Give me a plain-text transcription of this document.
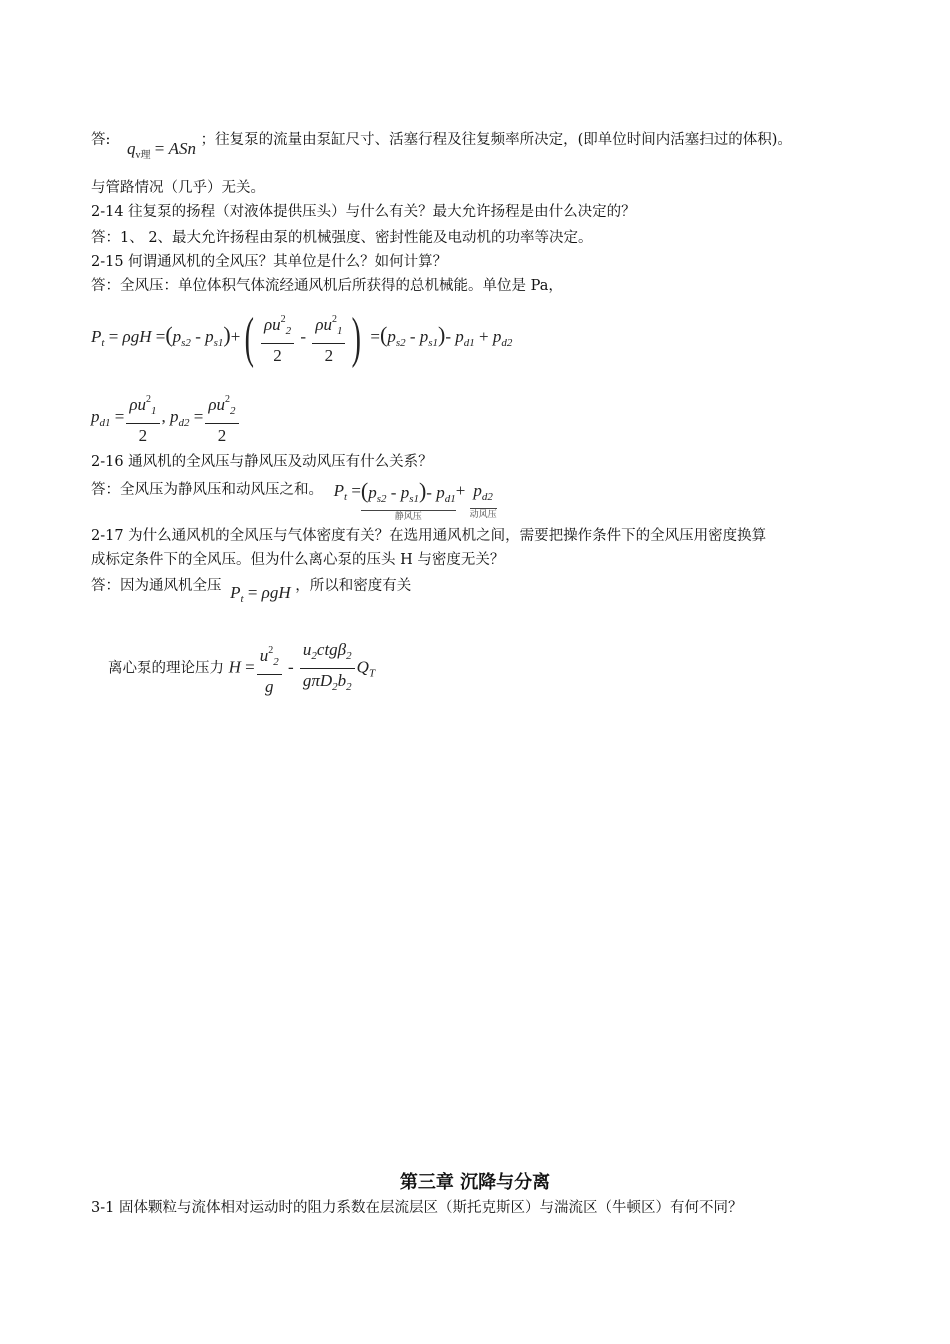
答: $q_{v理}$ = ASn ；往复泵的流量由泵缸尺寸、活塞行程及往复频率所决定，(即单位时间内活塞扫过的体积)。
与管路情况（几乎）无关。
2-14 往复泵的扬程（对液体提供压头）与什么有关？最大允许扬程是由什么决定的？
答：1、 2、最大允许扬程由泵的机械强度、密封性能及电动机的功率等决定。
2-15 何谓通风机的全风压？其单位是什么？如何计算？
答：全风压：单位体积气体流经通风机后所获得的总机械能。单位是 Pa，
$P_t = \rho gH =(p_{s2} - p_{s1})+( \frac{\rho u^2_2}{2} - \frac{\rho u^2_1}{2}$ ) $=(p_{s2} - p_{s1})-$ $p_{d1} + p_{d2}$
$p_{d1} = \frac{\rho u^2_1}{2}$ , $p_{d2} = \frac{\rho u^2_2}{2}$
2-16 通风机的全风压与静风压及动风压有什么关系？
答：全风压为静风压和动风压之和。 $P_t = (p_{s2} - p_{s1})-$ $p_{d1}$
静风压
+ $p_{d2}$
动风压
2-17 为什么通风机的全风压与气体密度有关？在选用通风机之间，需要把操作条件下的全风压用密度换算
成标定条件下的全风压。但为什么离心泵的压头 H 与密度无关？
答：因为通风机全压 $P_t = \rho gH$ ，所以和密度有关
离心泵的理论压力 $H = \frac{u^2_2}{g} - \frac{u_2ctg\beta_2}{g\pi D_2b_2} Q_T$
第三章 沉降与分离
3-1 固体颗粒与流体相对运动时的阻力系数在层流层区（斯托克斯区）与湍流区（牛顿区）有何不同？
